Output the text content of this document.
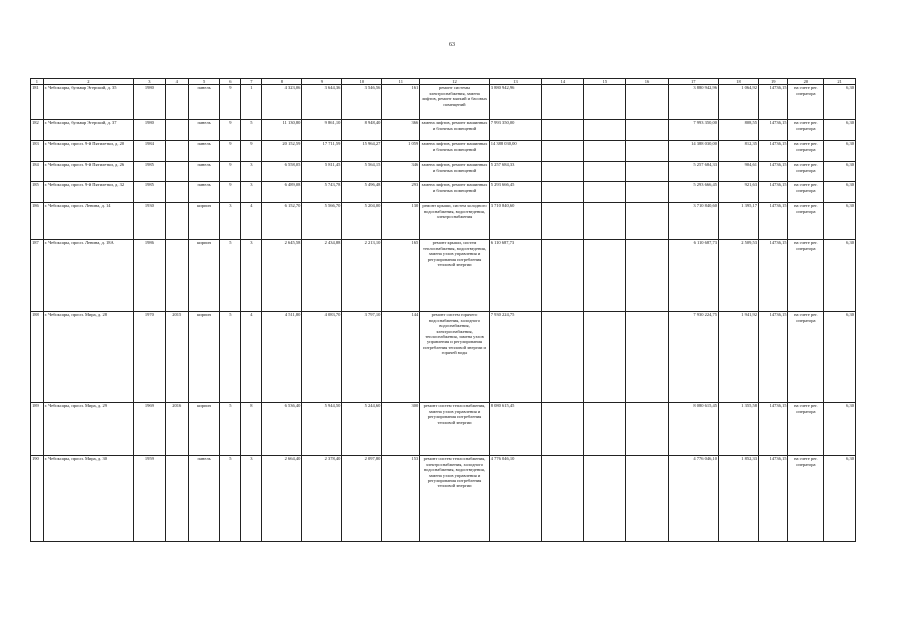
63
1	2	3	4	5	6	7	8	9	10	11	12	13	14	15	16	17	18	19	20	21
181	г. Чебоксары, бульвар Эгерский, д. 35	1980		панель	9	1	4 323,06	3 644,36	3 546,56	161	ремонт системы электроснабжения, замена лифтов, ремонт мягкий и басовых помещений	3 880 942,96				3 880 942,96	1 064,92	14736,15	на счете рег. оператора	6,30
182	г. Чебоксары, бульвар Эгерский, д. 37	1980		панель	9	5	11 130,80	9 861,10	8 948,40	366	замена лифтов, ремонт машинных и блочных помещений	7 993 350,00				7 993 350,00	808,55	14736,15	на счете рег. оператора	6,30
183	г. Чебоксары, просп. 9-й Пятилетки, д. 20	1984		панель	9	9	20 152,59	17 711,59	15 964,27	1 059	замена лифтов, ремонт машинных и блочных помещений	14 388 030,00				14 388 030,00	812,35	14736,15	на счете рег. оператора	6,30
184	г. Чебоксары, просп. 9-й Пятилетки, д. 26	1985		панель	9	3	6 558,05	5 811,45	5 564,15	346	замена лифтов, ремонт машинных и блочных помещений	5 257 684,33				5 257 684,33	904,61	14736,15	на счете рег. оператора	6,30
185	г. Чебоксары, просп. 9-й Пятилетки, д. 32	1985		панель	9	3	6 489,08	5 743,78	5 496,48	293	замена лифтов, ремонт машинных и блочных помещений	5 293 666,45				5 293 666,45	921,63	14736,15	на счете рег. оператора	6,30
186	г. Чебоксары, просп. Ленина, д. 14	1930		кирпич	3	4	6 152,70	5 566,70	5 204,00	130	ремонт крыши, систем холодного водоснабжения, водоотведения, электроснабжения	3 710 840,60				3 710 840,60	1 395,17	14736,15	на счете рег. оператора	6,30
187	г. Чебоксары, просп. Ленина, д. 18А	1986		кирпич	5	3	2 645,58	2 434,88	2 213,10	165	ремонт крыши, систем теплоснабжения, водоотведения, замена узлов управления и регулирования потребления тепловой энергии	6 110 687,73				6 110 687,73	2 509,53	14736,15	на счете рег. оператора	6,30
188	г. Чебоксары, просп. Мира, д. 28	1970	2015	кирпич	5	4	4 511,80	4 083,70	3 797,10	144	ремонт систем горячего водоснабжения, холодного водоснабжения, электроснабжения, теплоснабжения, замена узлов управления и регулирования потребления тепловой энергии и горячей воды	7 930 224,75				7 930 224,75	1 941,92	14736,15	на счете рег. оператора	6,30
189	г. Чебоксары, просп. Мира, д. 29	1969	2016	кирпич	5	8	6 536,40	5 944,50	5 244,60	300	ремонт систем теплоснабжения, замена узлов управления и регулирования потребления тепловой энергии	8 080 615,45				8 080 615,45	1 355,58	14736,15	на счете рег. оператора	6,30
190	г. Чебоксары, просп. Мира, д. 30	1959		панель	5	3	2 664,40	2 378,40	2 097,80	153	ремонт систем теплоснабжения, электроснабжения, холодного водоснабжения, водоотведения, замена узлов управления и регулирования потребления тепловой энергии	4 776 046,10				4 776 046,10	1 852,33	14736,15	на счете рег. оператора	6,30
